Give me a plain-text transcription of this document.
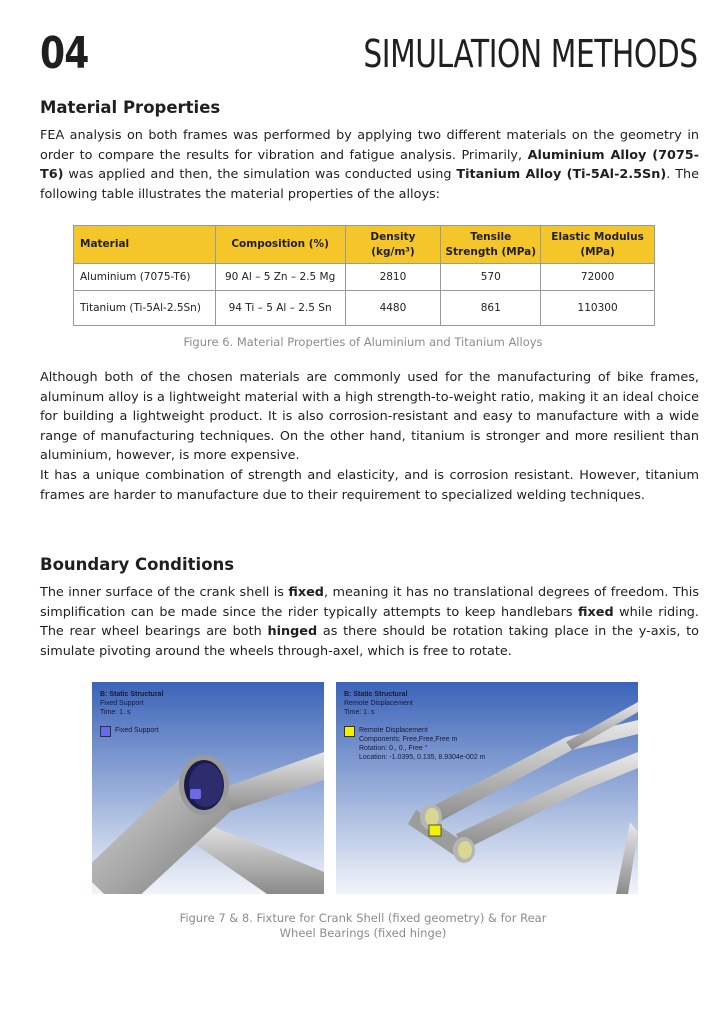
04	SIMULATION METHODS
Material Properties

FEA analysis on both frames was performed by applying two different materials on the geometry in order to compare the results for vibration and fatigue analysis. Primarily, Aluminium Alloy (7075-T6) was applied and then, the simulation was conducted using Titanium Alloy (Ti-5Al-2.5Sn). The following table illustrates the material properties of the alloys:

Material	Composition (%)	Density (kg/m³)	Tensile Strength (MPa)	Elastic Modulus (MPa)
Aluminium (7075-T6)	90 Al – 5 Zn – 2.5 Mg	2810	570	72000
Titanium (Ti-5Al-2.5Sn)	94 Ti – 5 Al – 2.5 Sn	4480	861	110300
Figure 6. Material Properties of Aluminium and Titanium Alloys

Although both of the chosen materials are commonly used for the manufacturing of bike frames, aluminum alloy is a lightweight material with a high strength-to-weight ratio, making it an ideal choice for building a lightweight product. It is also corrosion-resistant and easy to manufacture with a wide range of manufacturing techniques. On the other hand, titanium is stronger and more resilient than aluminium, however, is more expensive.

It has a unique combination of strength and elasticity, and is corrosion resistant. However, titanium frames are harder to manufacture due to their requirement to specialized welding techniques.

Boundary Conditions

The inner surface of the crank shell is fixed, meaning it has no translational degrees of freedom. This simplification can be made since the rider typically attempts to keep handlebars fixed while riding. The rear wheel bearings are both hinged as there should be rotation taking place in the y-axis, to simulate pivoting around the wheels through-axel, which is free to rotate.

B: Static Structural
Fixed Support
Time: 1. s
Fixed Support
B: Static Structural
Remote Displacement
Time: 1. s
Remote Displacement
Components: Free,Free,Free m
Rotation: 0., 0., Free °
Location: -1.0395, 0.135, 8.9304e-002 m
Figure 7 & 8. Fixture for Crank Shell (fixed geometry) & for Rear
Wheel Bearings (fixed hinge)
